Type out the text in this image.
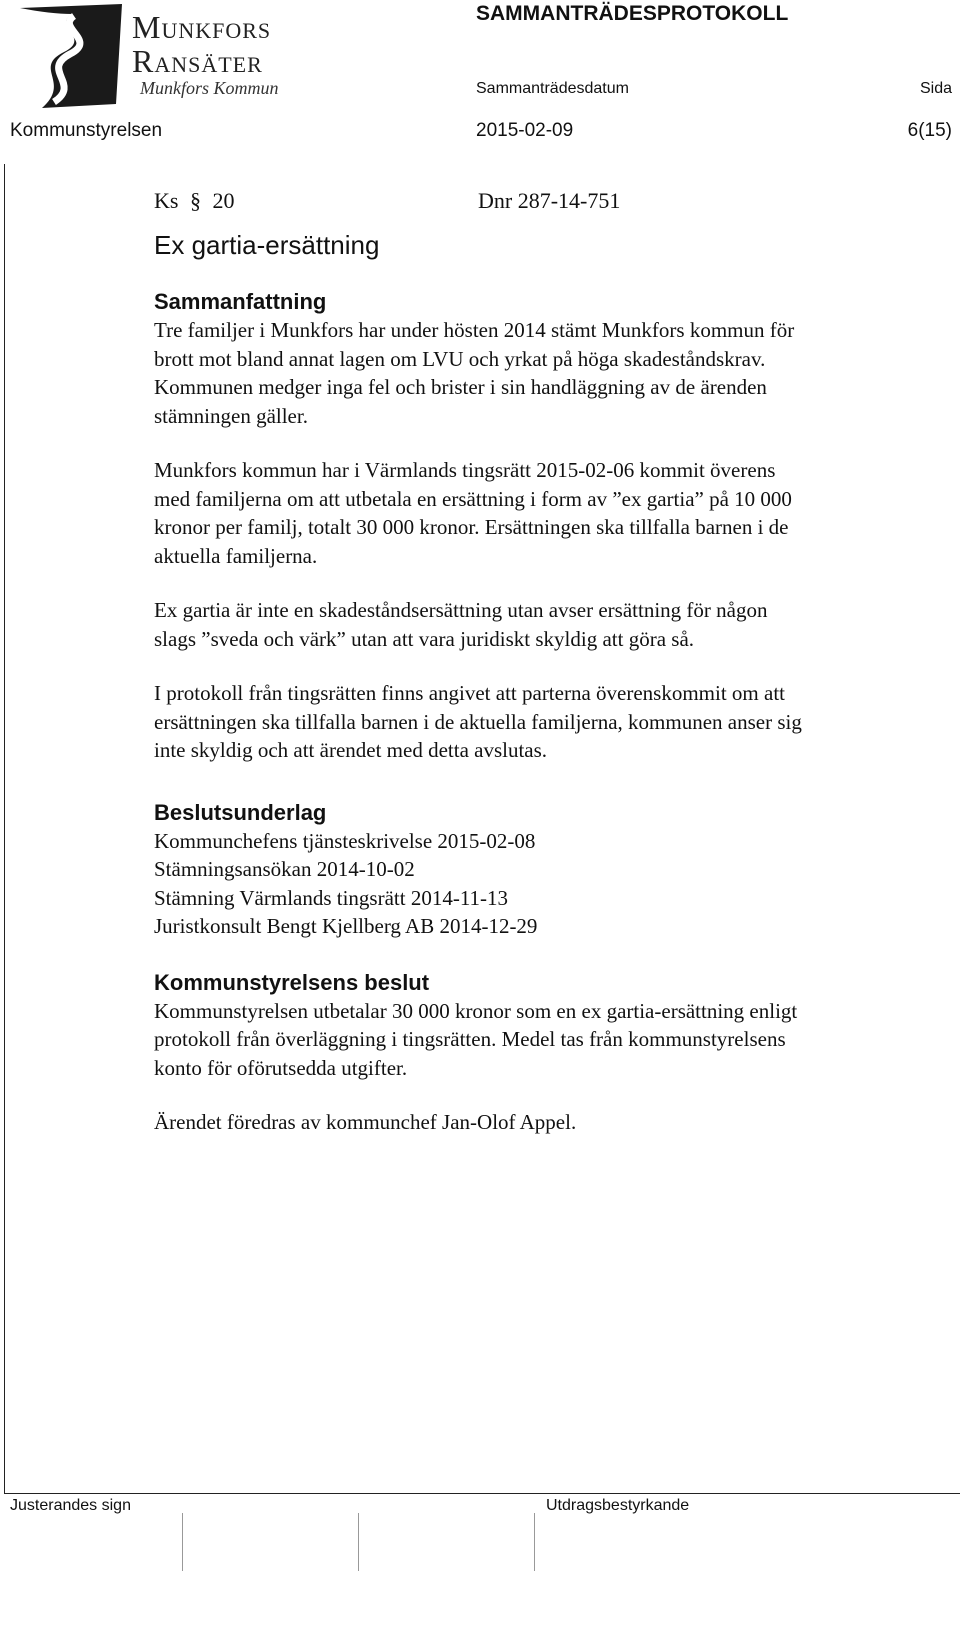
Munkfors
Ransäter
Munkfors Kommun
SAMMANTRÄDESPROTOKOLL
Sammanträdesdatum	Sida
Kommunstyrelsen	2015-02-09	6(15)
Ks § 20	Dnr 287-14-751
Ex gartia-ersättning
Sammanfattning

Tre familjer i Munkfors har under hösten 2014 stämt Munkfors kommun för
brott mot bland annat lagen om LVU och yrkat på höga skadeståndskrav.
Kommunen medger inga fel och brister i sin handläggning av de ärenden
stämningen gäller.

Munkfors kommun har i Värmlands tingsrätt 2015-02-06 kommit överens
med familjerna om att utbetala en ersättning i form av ”ex gartia” på 10 000
kronor per familj, totalt 30 000 kronor. Ersättningen ska tillfalla barnen i de
aktuella familjerna.

Ex gartia är inte en skadeståndsersättning utan avser ersättning för någon
slags ”sveda och värk” utan att vara juridiskt skyldig att göra så.

I protokoll från tingsrätten finns angivet att parterna överenskommit om att
ersättningen ska tillfalla barnen i de aktuella familjerna, kommunen anser sig
inte skyldig och att ärendet med detta avslutas.

Beslutsunderlag
Kommunchefens tjänsteskrivelse 2015-02-08
Stämningsansökan 2014-10-02
Stämning Värmlands tingsrätt 2014-11-13
Juristkonsult Bengt Kjellberg AB 2014-12-29
Kommunstyrelsens beslut

Kommunstyrelsen utbetalar 30 000 kronor som en ex gartia-ersättning enligt
protokoll från överläggning i tingsrätten. Medel tas från kommunstyrelsens
konto för oförutsedda utgifter.

Ärendet föredras av kommunchef Jan-Olof Appel.

Justerandes sign	Utdragsbestyrkande
